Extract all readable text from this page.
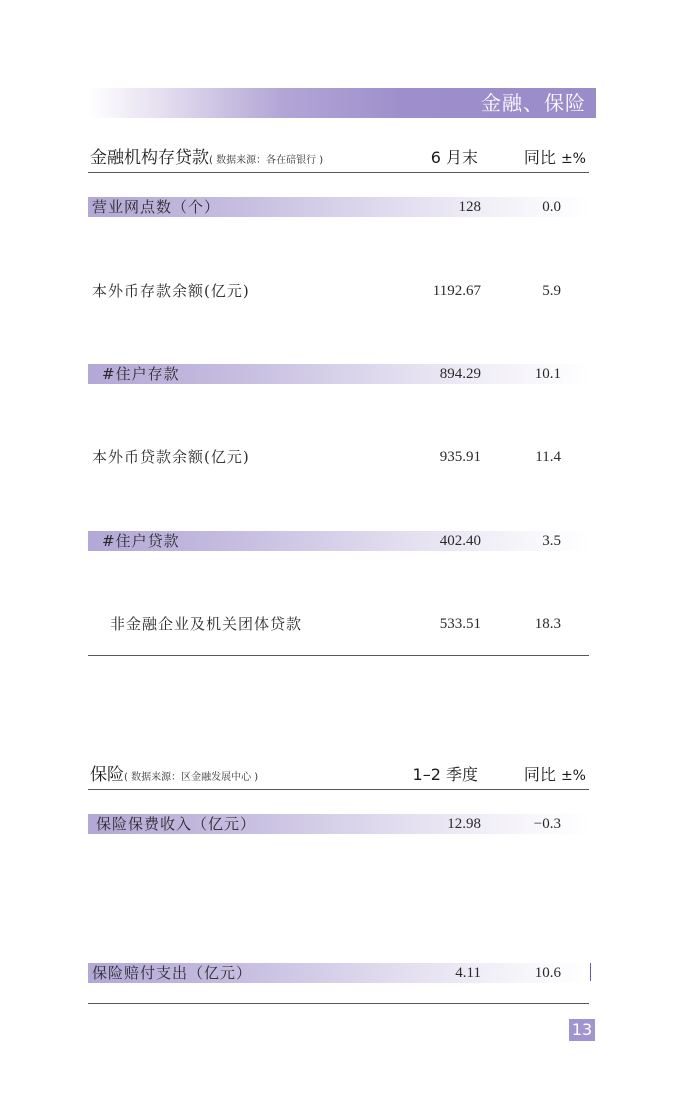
金融、保险
金融机构存贷款( 数据来源：各在碚银行 )	6 月末	同比 ±%
营业网点数（个）	128	0.0
本外币存款余额(亿元)	1192.67	5.9
#住户存款	894.29	10.1
本外币贷款余额(亿元)	935.91	11.4
#住户贷款	402.40	3.5
非金融企业及机关团体贷款	533.51	18.3
保险( 数据来源：区金融发展中心 )	1–2 季度	同比 ±%
保险保费收入（亿元）	12.98	−0.3
保险赔付支出（亿元）	4.11	10.6
13
